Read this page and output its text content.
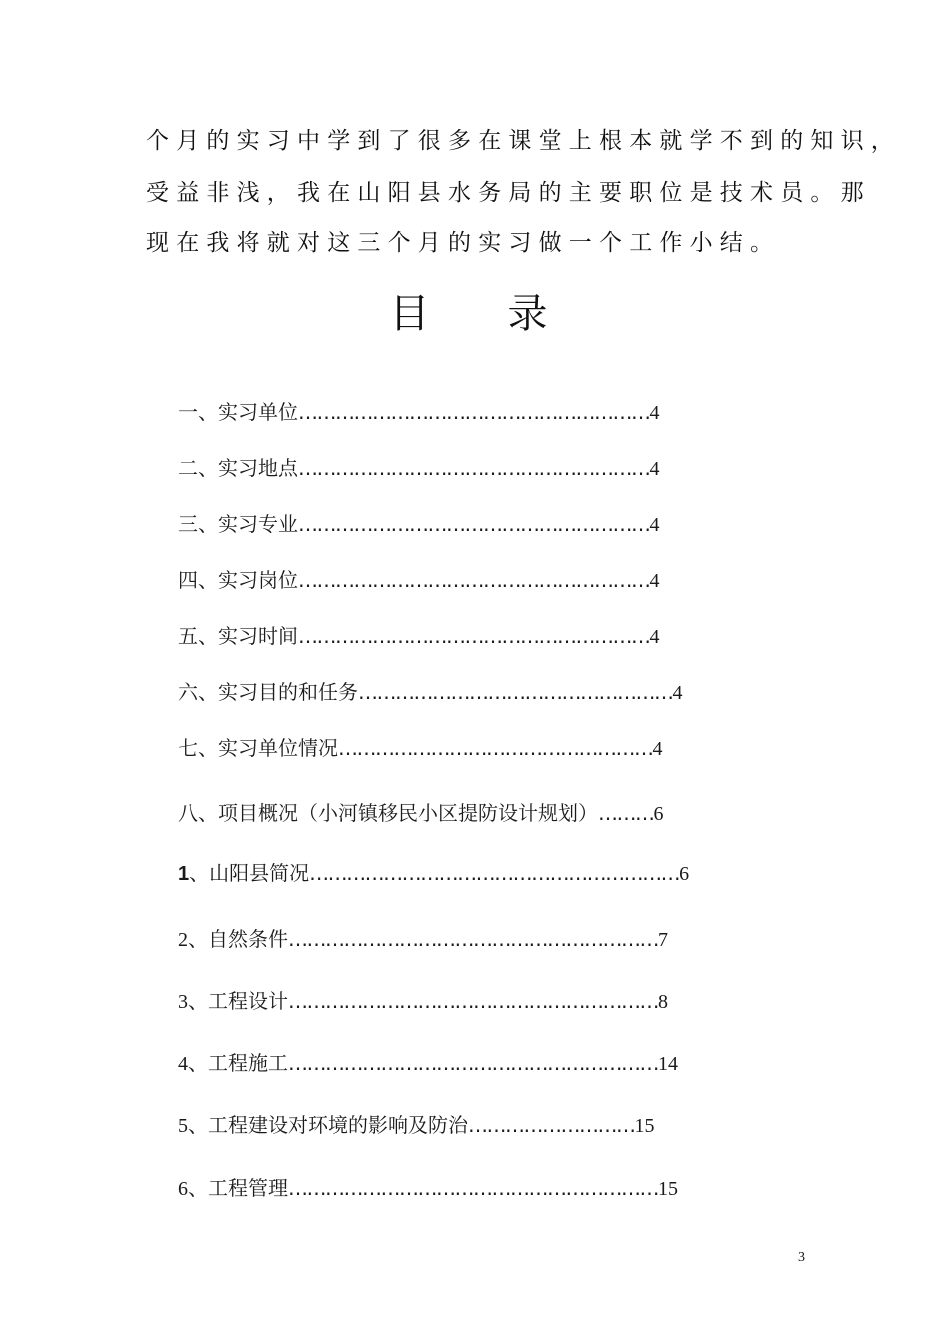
个月的实习中学到了很多在课堂上根本就学不到的知识，
受益非浅，我在山阳县水务局的主要职位是技术员。那
现在我将就对这三个月的实习做一个工作小结。
目录
一、实习单位…………………………………………………4
二、实习地点…………………………………………………4
三、实习专业…………………………………………………4
四、实习岗位…………………………………………………4
五、实习时间…………………………………………………4
六、实习目的和任务……………………………………………4
七、实习单位情况……………………………………………4
八、项目概况（小河镇移民小区提防设计规划）………6
1、山阳县简况……………………………………………………6
2、自然条件……………………………………………………7
3、工程设计……………………………………………………8
4、工程施工……………………………………………………14
5、工程建设对环境的影响及防治………………………15
6、工程管理……………………………………………………15
3
